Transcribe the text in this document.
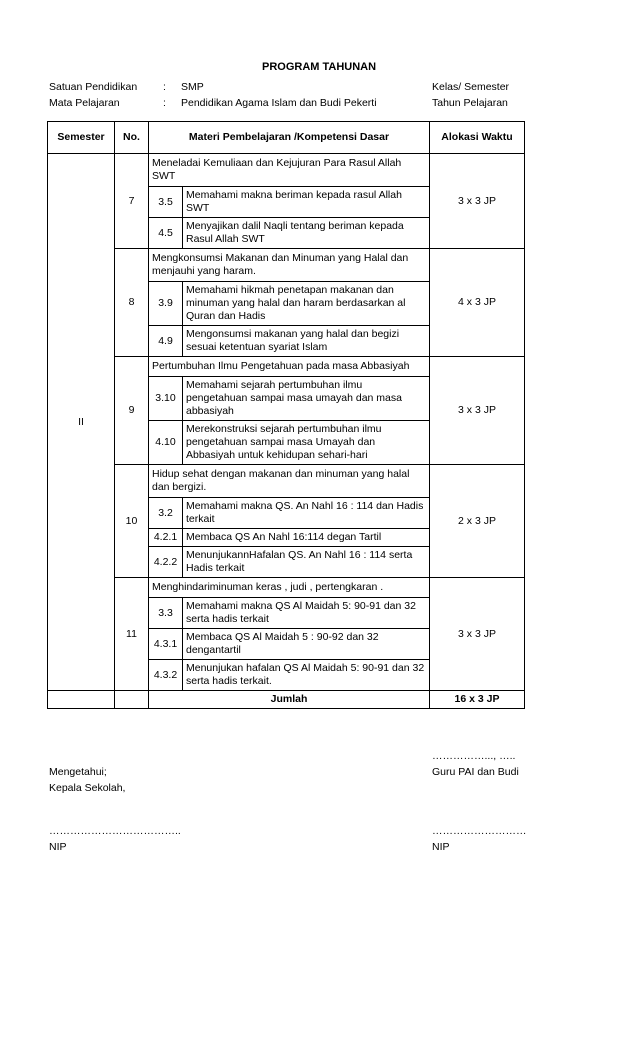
PROGRAM TAHUNAN
Satuan Pendidikan : SMP	Kelas/ Semester
Mata Pelajaran	: Pendidikan Agama Islam dan Budi Pekerti	Tahun Pelajaran
Semester	No.	Materi Pembelajaran /Kompetensi Dasar	Alokasi Waktu
II	7	
Meneladai Kemuliaan dan Kejujuran Para Rasul Allah SWT
3.5	Memahami makna beriman kepada rasul Allah SWT
4.5	Menyajikan dalil Naqli tentang beriman kepada Rasul Allah SWT
	3 x 3 JP
8	
Mengkonsumsi Makanan dan Minuman yang Halal dan menjauhi yang haram.
3.9	Memahami hikmah penetapan makanan dan minuman yang halal dan haram berdasarkan al Quran dan Hadis
4.9	Mengonsumsi makanan yang halal dan begizi sesuai ketentuan syariat Islam
	4 x 3 JP
9	
Pertumbuhan Ilmu Pengetahuan pada masa Abbasiyah
3.10	Memahami sejarah pertumbuhan ilmu pengetahuan sampai masa umayah dan masa abbasiyah
4.10	Merekonstruksi sejarah pertumbuhan ilmu pengetahuan sampai masa Umayah dan Abbasiyah untuk kehidupan sehari-hari
	3 x 3 JP
10	
Hidup sehat dengan makanan dan minuman yang halal dan bergizi.
3.2	Memahami makna QS. An Nahl 16 : 114 dan Hadis terkait
4.2.1	Membaca QS An Nahl 16:114 degan Tartil
4.2.2	MenunjukannHafalan QS. An Nahl 16 : 114 serta Hadis terkait
	2 x 3 JP
11	
Menghindariminuman keras , judi , pertengkaran .
3.3	Memahami makna QS Al Maidah 5: 90-91 dan 32 serta hadis terkait
4.3.1	Membaca QS Al Maidah 5 : 90-92 dan 32 dengantartil
4.3.2	Menunjukan hafalan QS Al Maidah 5: 90-91 dan 32 serta hadis terkait.
	3 x 3 JP
		Jumlah	16 x 3 JP
……………..., …..
Mengetahui;	Guru PAI dan Budi
Kepala Sekolah,
………………………………..	………………………
NIP	NIP
